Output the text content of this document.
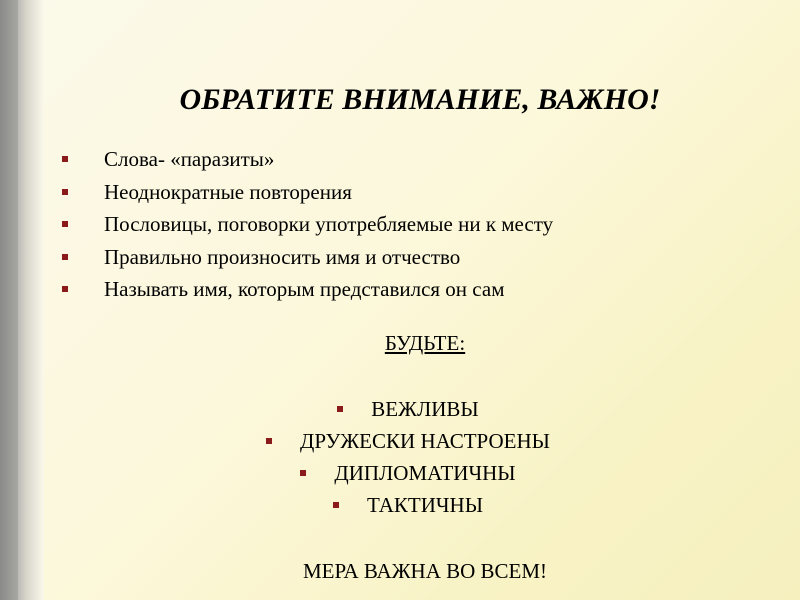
ОБРАТИТЕ ВНИМАНИЕ, ВАЖНО!
Слова- «паразиты»
Неоднократные повторения
Пословицы, поговорки употребляемые ни к месту
Правильно произносить имя и отчество
Называть имя, которым представился он сам
БУДЬТЕ:
ВЕЖЛИВЫ
ДРУЖЕСКИ НАСТРОЕНЫ
ДИПЛОМАТИЧНЫ
ТАКТИЧНЫ
МЕРА ВАЖНА ВО ВСЕМ!
